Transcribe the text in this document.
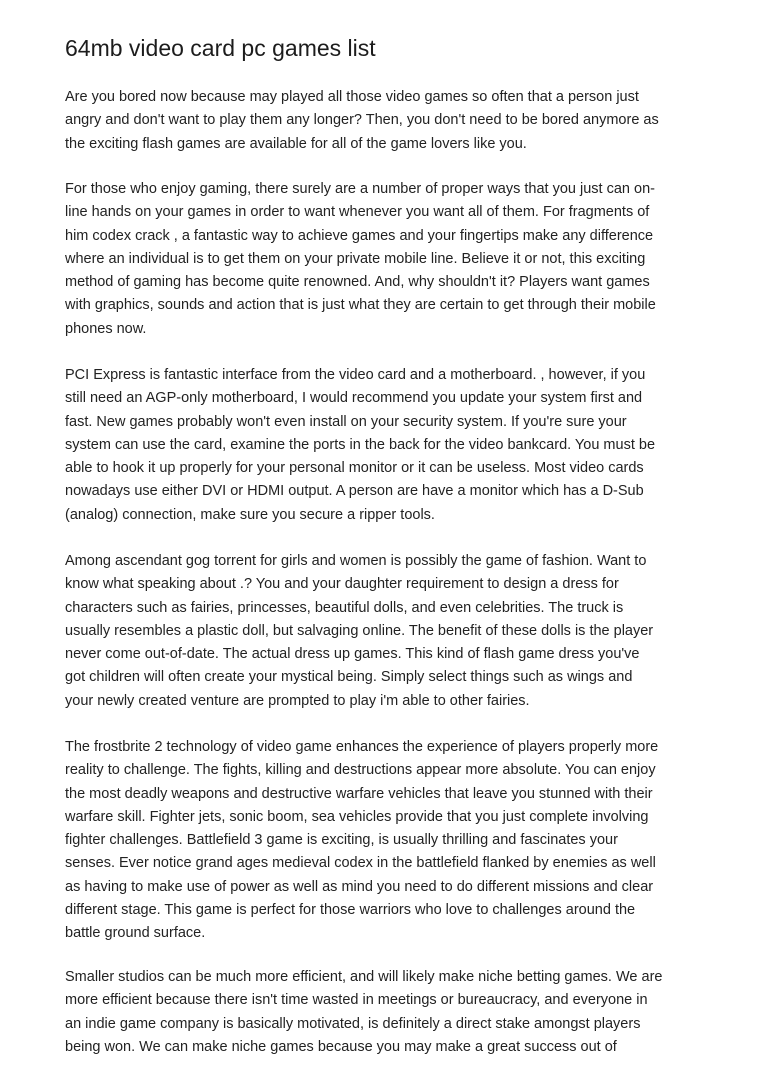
64mb video card pc games list
Are you bored now because may played all those video games so often that a person just
angry and don't want to play them any longer? Then, you don't need to be bored anymore as
the exciting flash games are available for all of the game lovers like you.
For those who enjoy gaming, there surely are a number of proper ways that you just can on-
line hands on your games in order to want whenever you want all of them. For fragments of
him codex crack , a fantastic way to achieve games and your fingertips make any difference
where an individual is to get them on your private mobile line. Believe it or not, this exciting
method of gaming has become quite renowned. And, why shouldn't it? Players want games
with graphics, sounds and action that is just what they are certain to get through their mobile
phones now.
PCI Express is fantastic interface from the video card and a motherboard. , however, if you
still need an AGP-only motherboard, I would recommend you update your system first and
fast. New games probably won't even install on your security system. If you're sure your
system can use the card, examine the ports in the back for the video bankcard. You must be
able to hook it up properly for your personal monitor or it can be useless. Most video cards
nowadays use either DVI or HDMI output. A person are have a monitor which has a D-Sub
(analog) connection, make sure you secure a ripper tools.
Among ascendant gog torrent for girls and women is possibly the game of fashion. Want to
know what speaking about .? You and your daughter requirement to design a dress for
characters such as fairies, princesses, beautiful dolls, and even celebrities. The truck is
usually resembles a plastic doll, but salvaging online. The benefit of these dolls is the player
never come out-of-date. The actual dress up games. This kind of flash game dress you've
got children will often create your mystical being. Simply select things such as wings and
your newly created venture are prompted to play i'm able to other fairies.
The frostbrite 2 technology of video game enhances the experience of players properly more
reality to challenge. The fights, killing and destructions appear more absolute. You can enjoy
the most deadly weapons and destructive warfare vehicles that leave you stunned with their
warfare skill. Fighter jets, sonic boom, sea vehicles provide that you just complete involving
fighter challenges. Battlefield 3 game is exciting, is usually thrilling and fascinates your
senses. Ever notice grand ages medieval codex in the battlefield flanked by enemies as well
as having to make use of power as well as mind you need to do different missions and clear
different stage. This game is perfect for those warriors who love to challenges around the
battle ground surface.
Smaller studios can be much more efficient, and will likely make niche betting games. We are
more efficient because there isn't time wasted in meetings or bureaucracy, and everyone in
an indie game company is basically motivated, is definitely a direct stake amongst players
being won. We can make niche games because you may make a great success out of
